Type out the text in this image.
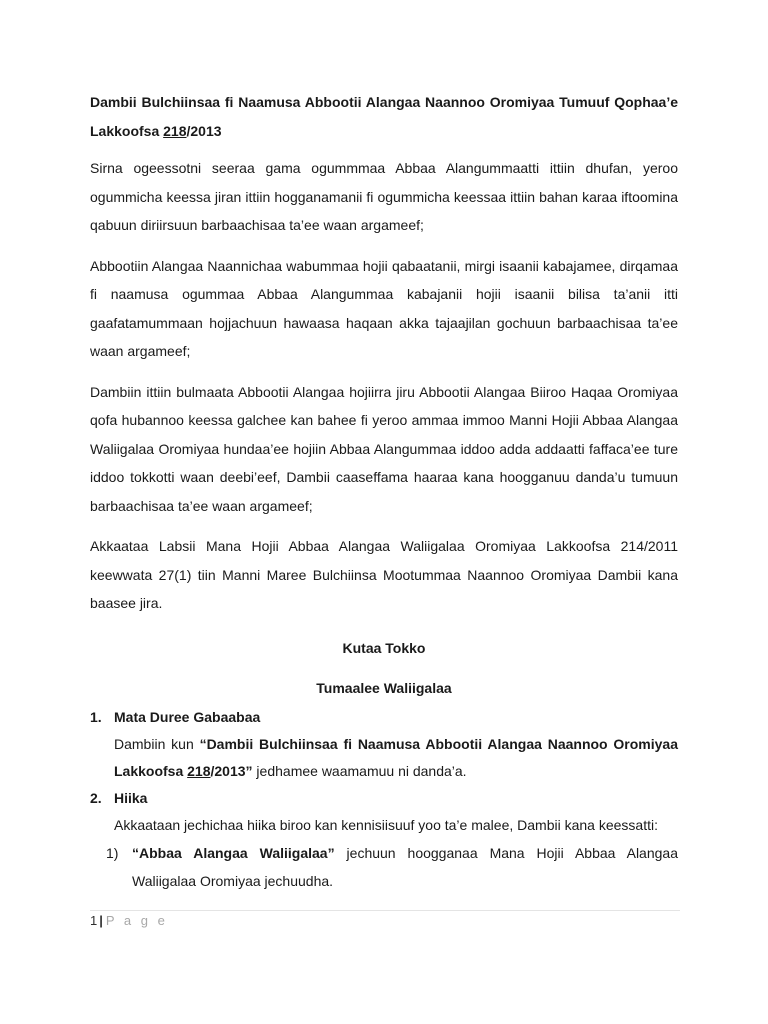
Dambii Bulchiinsaa fi Naamusa Abbootii Alangaa Naannoo Oromiyaa Tumuuf Qophaa’e Lakkoofsa 218/2013

Sirna ogeessotni seeraa gama ogummmaa Abbaa Alangummaatti ittiin dhufan, yeroo ogummicha keessa jiran ittiin hogganamanii fi ogummicha keessaa ittiin bahan karaa iftoomina qabuun diriirsuun barbaachisaa ta’ee waan argameef;

Abbootiin Alangaa Naannichaa wabummaa hojii qabaatanii, mirgi isaanii kabajamee, dirqamaa fi naamusa ogummaa Abbaa Alangummaa kabajanii hojii isaanii bilisa ta’anii itti gaafatamummaan hojjachuun hawaasa haqaan akka tajaajilan gochuun barbaachisaa ta’ee waan argameef;

Dambiin ittiin bulmaata Abbootii Alangaa hojiirra jiru Abbootii Alangaa Biiroo Haqaa Oromiyaa qofa hubannoo keessa galchee kan bahee fi yeroo ammaa immoo Manni Hojii Abbaa Alangaa Waliigalaa Oromiyaa hundaa’ee hojiin Abbaa Alangummaa iddoo adda addaatti faffaca’ee ture iddoo tokkotti waan deebi’eef, Dambii caaseffama haaraa kana hoogganuu danda’u tumuun barbaachisaa ta’ee waan argameef;

Akkaataa Labsii Mana Hojii Abbaa Alangaa Waliigalaa Oromiyaa Lakkoofsa 214/2011 keewwata 27(1) tiin Manni Maree Bulchiinsa Mootummaa Naannoo Oromiyaa Dambii kana baasee jira.

Kutaa Tokko

Tumaalee Waliigalaa

1. Mata Duree Gabaabaa
Dambiin kun “Dambii Bulchiinsaa fi Naamusa Abbootii Alangaa Naannoo Oromiyaa Lakkoofsa 218/2013” jedhamee waamamuu ni danda’a.
2. Hiika
Akkaataan jechichaa hiika biroo kan kennisiisuuf yoo ta’e malee, Dambii kana keessatti:
1) “Abbaa Alangaa Waliigalaa” jechuun hoogganaa Mana Hojii Abbaa Alangaa Waliigalaa Oromiyaa jechuudha.
1 | P a g e
